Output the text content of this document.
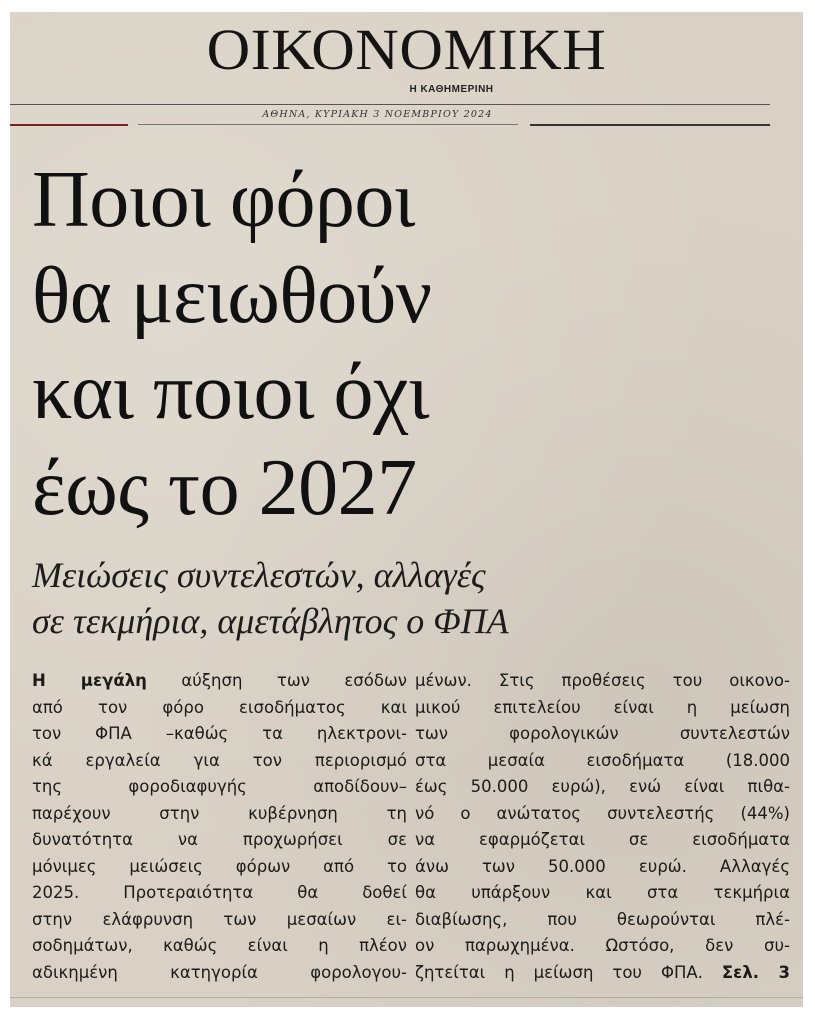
ΟΙΚΟΝΟΜΙΚΗ
Η ΚΑΘΗΜΕΡΙΝΗ
ΑΘΗΝΑ, ΚΥΡΙΑΚΗ 3 ΝΟΕΜΒΡΙΟΥ 2024
Ποιοι φόροι
θα μειωθούν
και ποιοι όχι
έως το 2027
Μειώσεις συντελεστών, αλλαγές
σε τεκμήρια, αμετάβλητος ο ΦΠΑ
Η μεγάλη αύξηση των εσόδων
από τον φόρο εισοδήματος και
τον ΦΠΑ –καθώς τα ηλεκτρονι-
κά εργαλεία για τον περιορισμό
της φοροδιαφυγής αποδίδουν–
παρέχουν στην κυβέρνηση τη
δυνατότητα να προχωρήσει σε
μόνιμες μειώσεις φόρων από το
2025. Προτεραιότητα θα δοθεί
στην ελάφρυνση των μεσαίων ει-
σοδημάτων, καθώς είναι η πλέον
αδικημένη κατηγορία φορολογου-
μένων. Στις προθέσεις του οικονο-
μικού επιτελείου είναι η μείωση
των φορολογικών συντελεστών
στα μεσαία εισοδήματα (18.000
έως 50.000 ευρώ), ενώ είναι πιθα-
νό ο ανώτατος συντελεστής (44%)
να εφαρμόζεται σε εισοδήματα
άνω των 50.000 ευρώ. Αλλαγές
θα υπάρξουν και στα τεκμήρια
διαβίωσης, που θεωρούνται πλέ-
ον παρωχημένα. Ωστόσο, δεν συ-
ζητείται η μείωση του ΦΠΑ. Σελ. 3
